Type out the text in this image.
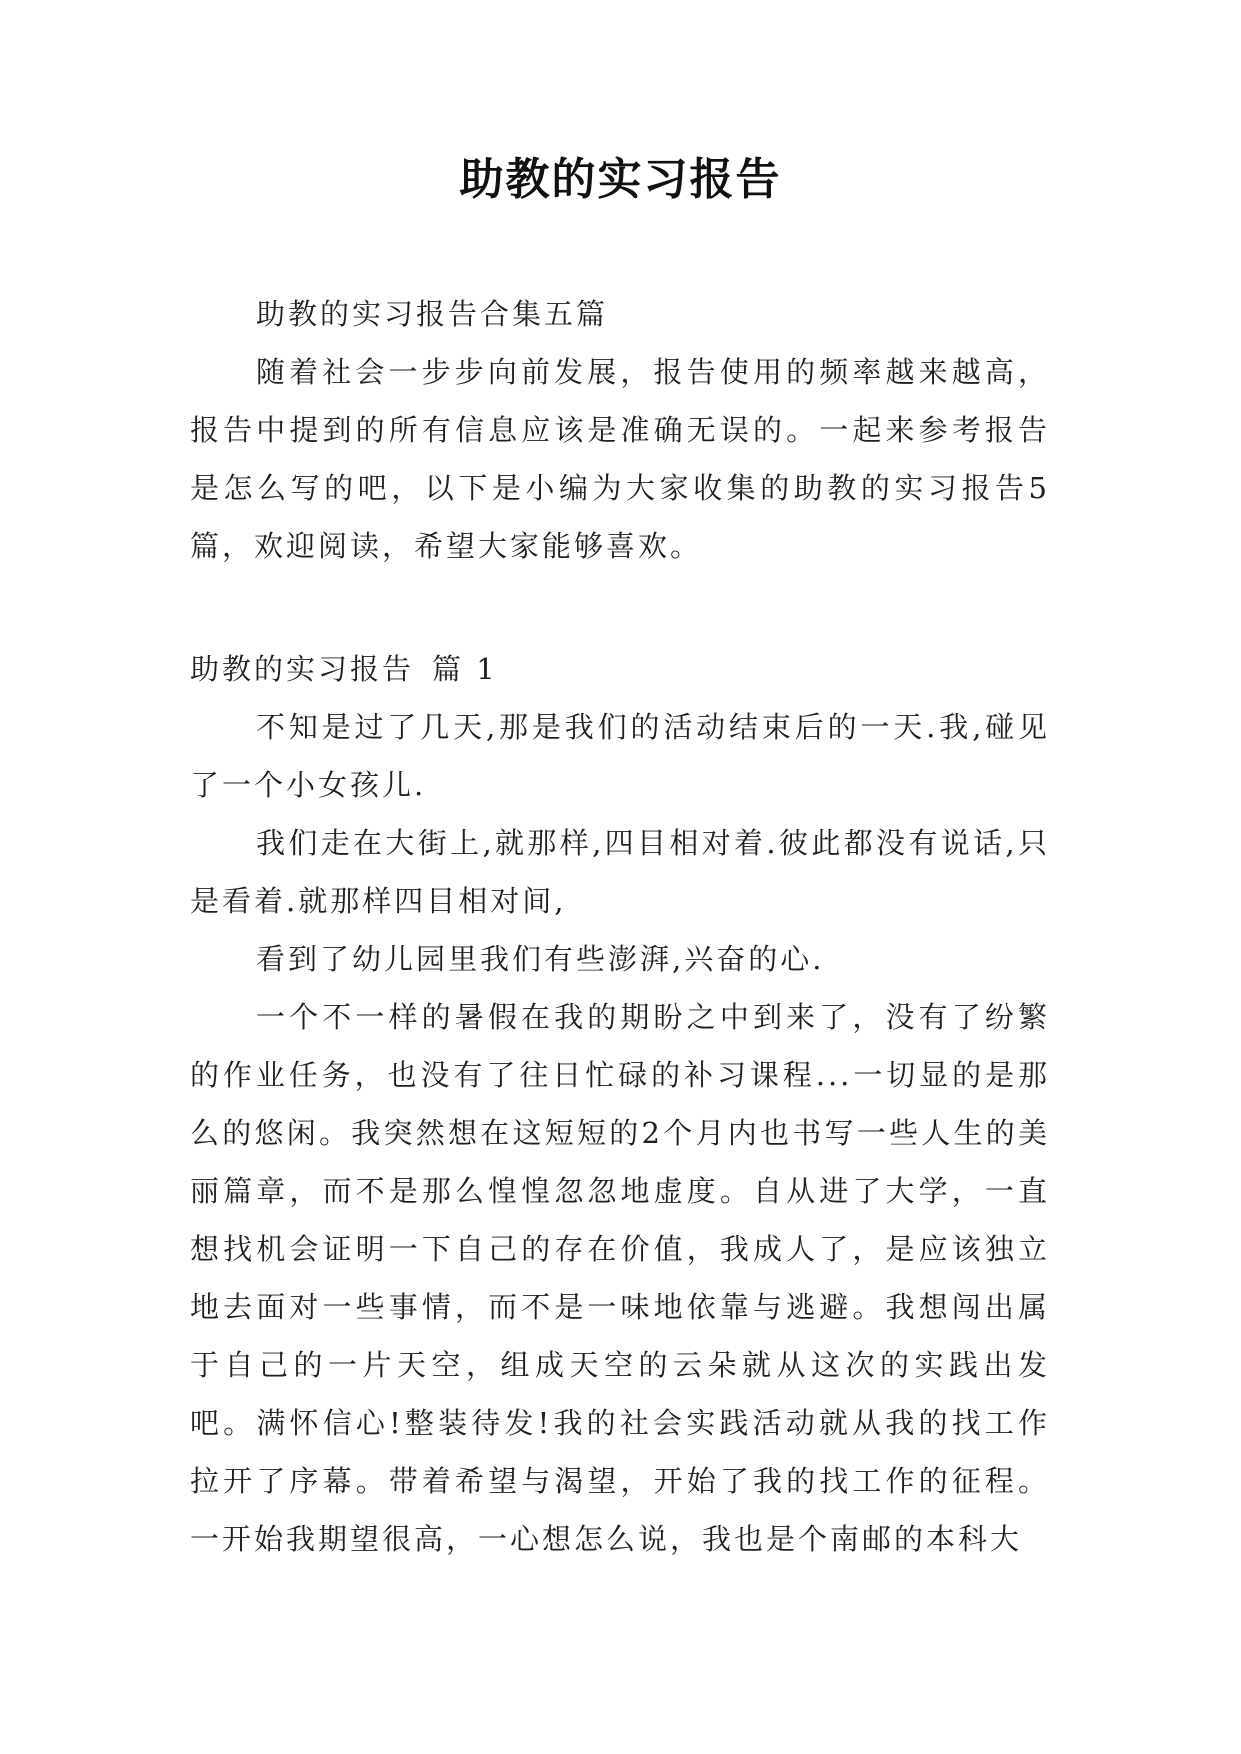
助教的实习报告

助教的实习报告合集五篇

随着社会一步步向前发展，报告使用的频率越来越高，报告中提到的所有信息应该是准确无误的。一起来参考报告是怎么写的吧，以下是小编为大家收集的助教的实习报告5篇，欢迎阅读，希望大家能够喜欢。

助教的实习报告 篇 1

不知是过了几天,那是我们的活动结束后的一天.我,碰见了一个小女孩儿.

我们走在大街上,就那样,四目相对着.彼此都没有说话,只是看着.就那样四目相对间,

看到了幼儿园里我们有些澎湃,兴奋的心.

一个不一样的暑假在我的期盼之中到来了，没有了纷繁的作业任务，也没有了往日忙碌的补习课程...一切显的是那么的悠闲。我突然想在这短短的2个月内也书写一些人生的美丽篇章，而不是那么惶惶忽忽地虚度。自从进了大学，一直想找机会证明一下自己的存在价值，我成人了，是应该独立地去面对一些事情，而不是一味地依靠与逃避。我想闯出属于自己的一片天空，组成天空的云朵就从这次的实践出发吧。满怀信心!整装待发!我的社会实践活动就从我的找工作拉开了序幕。带着希望与渴望，开始了我的找工作的征程。一开始我期望很高，一心想怎么说，我也是个南邮的本科大
